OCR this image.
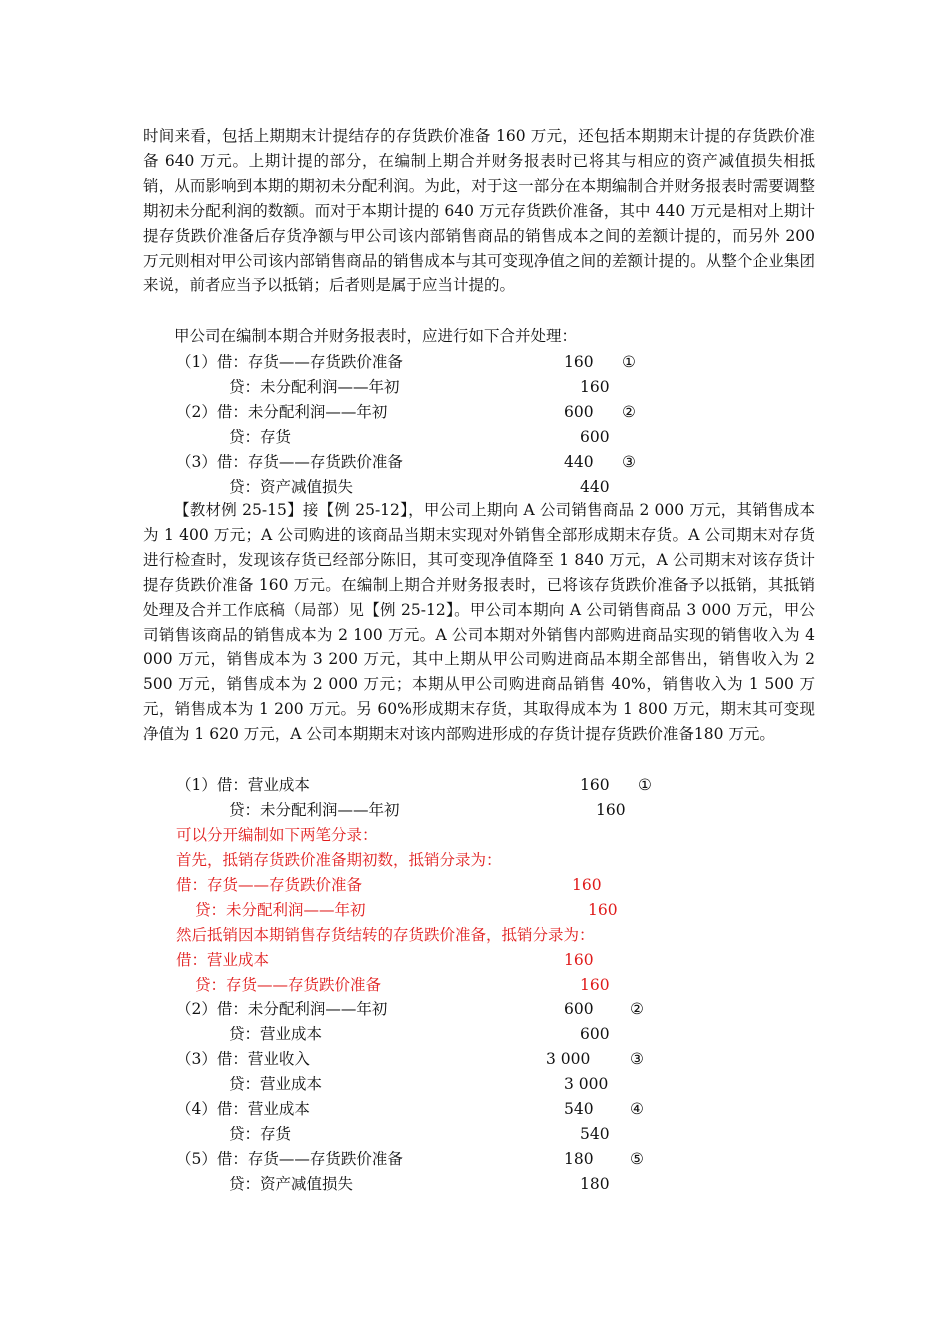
时间来看，包括上期期末计提结存的存货跌价准备 160 万元，还包括本期期末计提的存货跌价准备 640 万元。上期计提的部分，在编制上期合并财务报表时已将其与相应的资产减值损失相抵销，从而影响到本期的期初未分配利润。为此，对于这一部分在本期编制合并财务报表时需要调整期初未分配利润的数额。而对于本期计提的 640 万元存货跌价准备，其中 440 万元是相对上期计提存货跌价准备后存货净额与甲公司该内部销售商品的销售成本之间的差额计提的，而另外 200 万元则相对甲公司该内部销售商品的销售成本与其可变现净值之间的差额计提的。从整个企业集团来说，前者应当予以抵销；后者则是属于应当计提的。

甲公司在编制本期合并财务报表时，应进行如下合并处理：

（1）借：存货——存货跌价准备	160 ①
贷：未分配利润——年初	160
（2）借：未分配利润——年初	600 ②
贷：存货	600
（3）借：存货——存货跌价准备	440 ③
贷：资产减值损失	440

【教材例 25-15】接【例 25-12】，甲公司上期向 A 公司销售商品 2 000 万元，其销售成本为 1 400 万元；A 公司购进的该商品当期末实现对外销售全部形成期末存货。A 公司期末对存货进行检查时，发现该存货已经部分陈旧，其可变现净值降至 1 840 万元，A 公司期末对该存货计提存货跌价准备 160 万元。在编制上期合并财务报表时，已将该存货跌价准备予以抵销，其抵销处理及合并工作底稿（局部）见【例 25-12】。甲公司本期向 A 公司销售商品 3 000 万元，甲公司销售该商品的销售成本为 2 100 万元。A 公司本期对外销售内部购进商品实现的销售收入为 4 000 万元，销售成本为 3 200 万元，其中上期从甲公司购进商品本期全部售出，销售收入为 2 500 万元，销售成本为 2 000 万元；本期从甲公司购进商品销售 40%，销售收入为 1 500 万元，销售成本为 1 200 万元。另 60%形成期末存货，其取得成本为 1 800 万元，期末其可变现净值为 1 620 万元，A 公司本期期末对该内部购进形成的存货计提存货跌价准备180 万元。

（1）借：营业成本	160 ①
贷：未分配利润——年初	160
可以分开编制如下两笔分录：
首先，抵销存货跌价准备期初数，抵销分录为：
借：存货——存货跌价准备	160
贷：未分配利润——年初	160
然后抵销因本期销售存货结转的存货跌价准备，抵销分录为：
借：营业成本	160
贷：存货——存货跌价准备	160
（2）借：未分配利润——年初	600 ②
贷：营业成本	600
（3）借：营业收入	3 000	③
贷：营业成本	3 000
（4）借：营业成本	540 ④
贷：存货	540
（5）借：存货——存货跌价准备	180 ⑤
贷：资产减值损失	180
